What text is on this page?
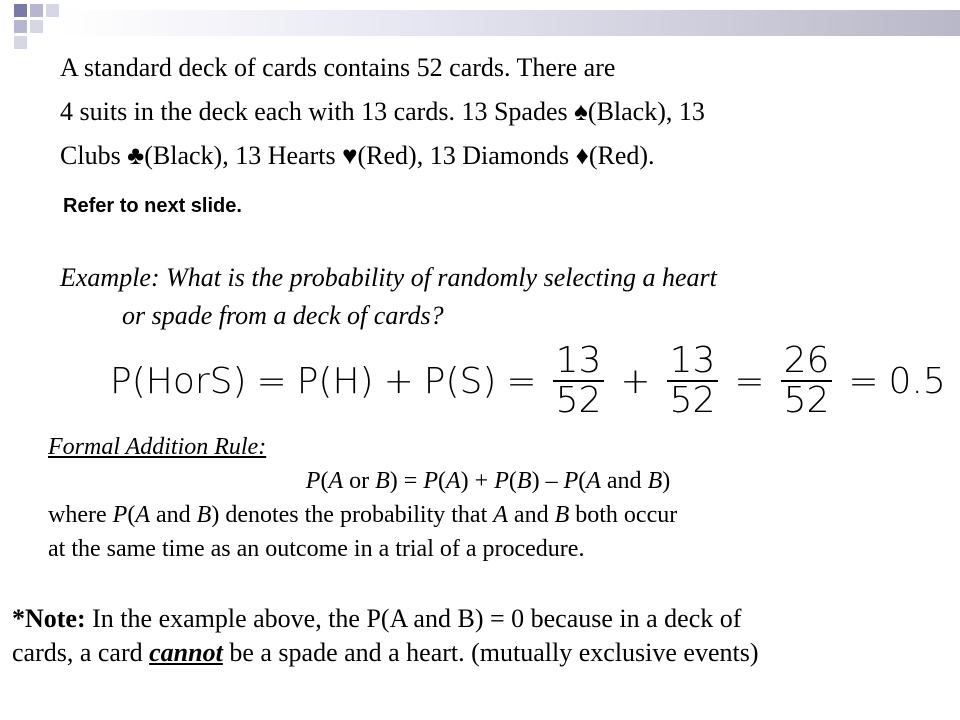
A standard deck of cards contains 52 cards. There are
4 suits in the deck each with 13 cards. 13 Spades ♠(Black), 13
Clubs ♣(Black), 13 Hearts ♥(Red), 13 Diamonds ♦(Red).

Refer to next slide.

Example: What is the probability of randomly selecting a heart
or spade from a deck of cards?

P(HorS) = $P(H) + P(S) = \frac{13}{52} + \frac{13}{52} = \frac{26}{52} = 0.5$
Formal Addition Rule:
P(A or B) = P(A) + P(B) – P(A and B)
where P(A and B) denotes the probability that A and B both occur
at the same time as an outcome in a trial of a procedure.

*Note: In the example above, the P(A and B) = 0 because in a deck of
cards, a card cannot be a spade and a heart. (mutually exclusive events)
